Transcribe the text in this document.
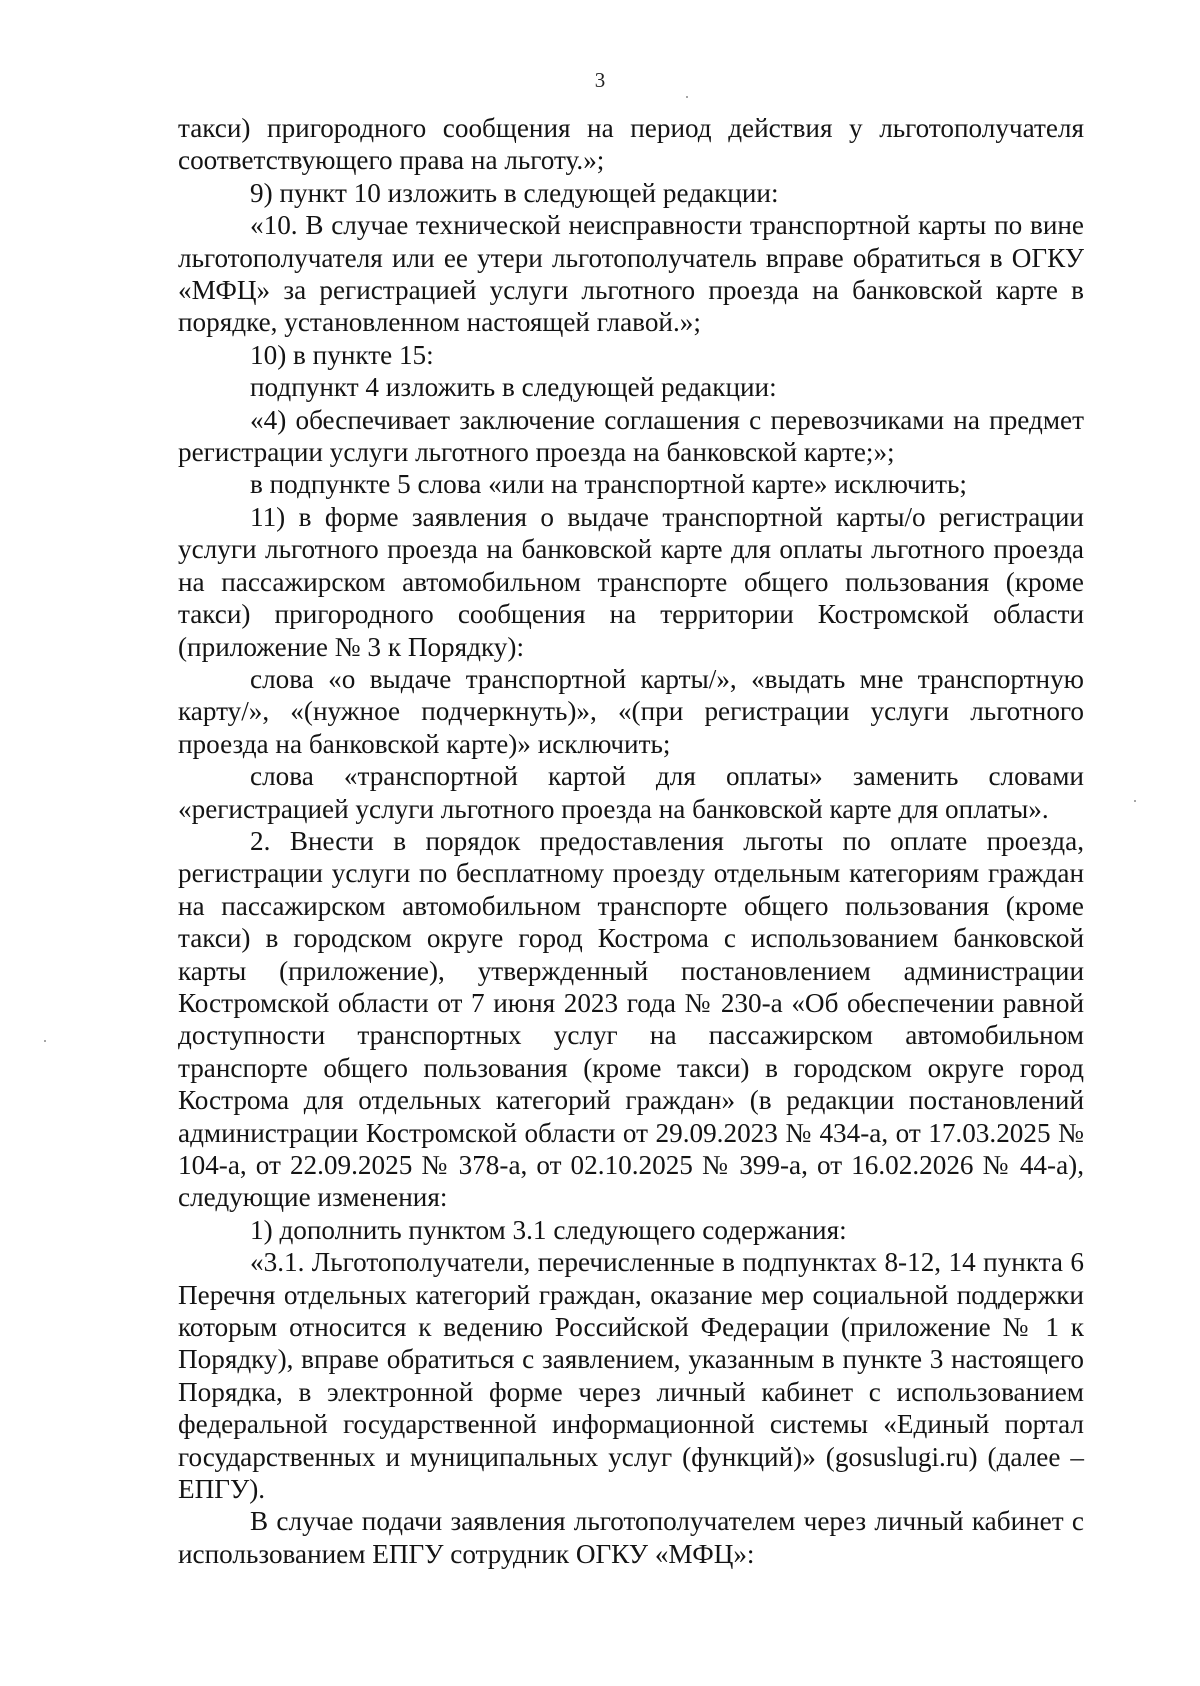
3

такси) пригородного сообщения на период действия у льготополучателя соответствующего права на льготу.»;

9) пункт 10 изложить в следующей редакции:

«10. В случае технической неисправности транспортной карты по вине льготополучателя или ее утери льготополучатель вправе обратиться в ОГКУ «МФЦ» за регистрацией услуги льготного проезда на банковской карте в порядке, установленном настоящей главой.»;

10) в пункте 15:

подпункт 4 изложить в следующей редакции:

«4) обеспечивает заключение соглашения с перевозчиками на предмет регистрации услуги льготного проезда на банковской карте;»;

в подпункте 5 слова «или на транспортной карте» исключить;

11) в форме заявления о выдаче транспортной карты/о регистрации услуги льготного проезда на банковской карте для оплаты льготного проезда на пассажирском автомобильном транспорте общего пользования (кроме такси) пригородного сообщения на территории Костромской области (приложение № 3 к Порядку):

слова «о выдаче транспортной карты/», «выдать мне транспортную карту/», «(нужное подчеркнуть)», «(при регистрации услуги льготного проезда на банковской карте)» исключить;

слова «транспортной картой для оплаты» заменить словами «регистрацией услуги льготного проезда на банковской карте для оплаты».

2. Внести в порядок предоставления льготы по оплате проезда, регистрации услуги по бесплатному проезду отдельным категориям граждан на пассажирском автомобильном транспорте общего пользования (кроме такси) в городском округе город Кострома с использованием банковской карты (приложение), утвержденный постановлением администрации Костромской области от 7 июня 2023 года № 230-а «Об обеспечении равной доступности транспортных услуг на пассажирском автомобильном транспорте общего пользования (кроме такси) в городском округе город Кострома для отдельных категорий граждан» (в редакции постановлений администрации Костромской области от 29.09.2023 № 434-а, от 17.03.2025 № 104-а, от 22.09.2025 № 378-а, от 02.10.2025 № 399-а, от 16.02.2026 № 44-а), следующие изменения:

1) дополнить пунктом 3.1 следующего содержания:

«3.1. Льготополучатели, перечисленные в подпунктах 8-12, 14 пункта 6 Перечня отдельных категорий граждан, оказание мер социальной поддержки которым относится к ведению Российской Федерации (приложение № 1 к Порядку), вправе обратиться с заявлением, указанным в пункте 3 настоящего Порядка, в электронной форме через личный кабинет с использованием федеральной государственной информационной системы «Единый портал государственных и муниципальных услуг (функций)» (gosuslugi.ru) (далее – ЕПГУ).

В случае подачи заявления льготополучателем через личный кабинет с использованием ЕПГУ сотрудник ОГКУ «МФЦ»:
